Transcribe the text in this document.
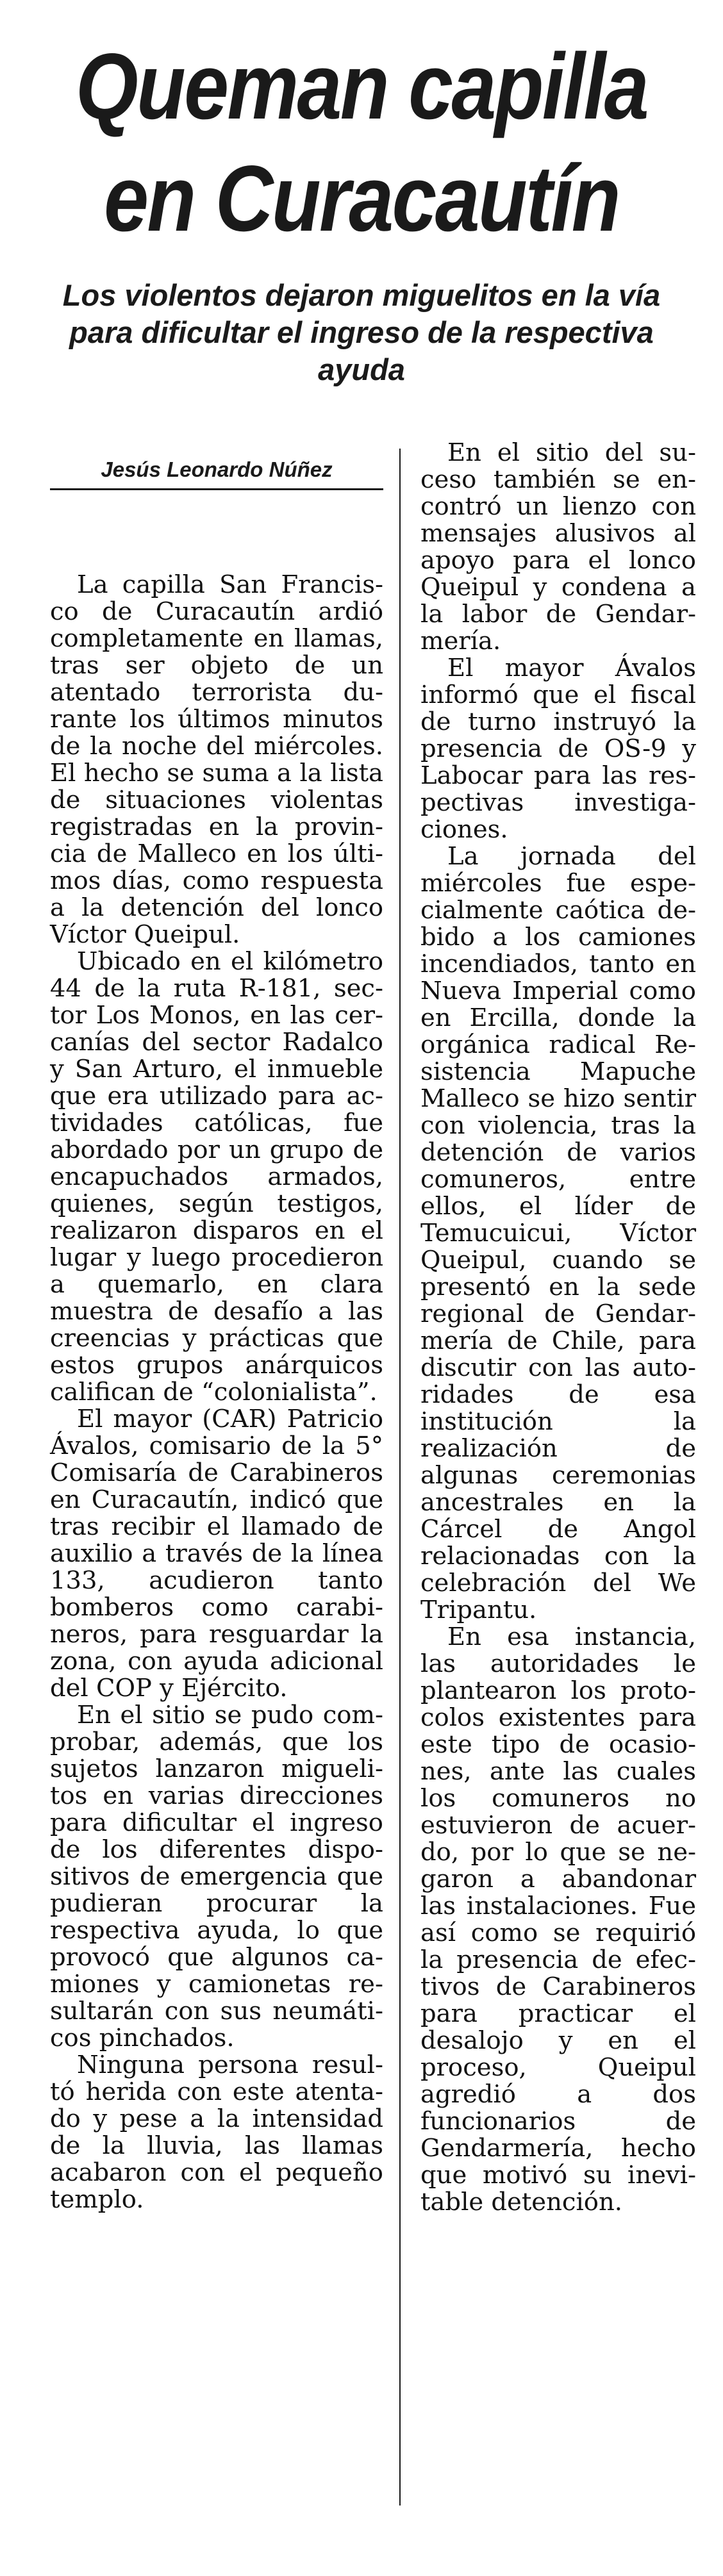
Queman capilla
en Curacautín

Los violentos dejaron miguelitos en la vía

para dificultar el ingreso de la respectiva

ayuda

Jesús Leonardo Núñez

La capilla San Francisco de Curacautín ardió completamente en llamas, tras ser objeto de un atentado terrorista durante los últimos minutos de la noche del miércoles. El hecho se suma a la lista de situaciones violentas registradas en la provincia de Malleco en los últimos días, como respuesta a la detención del lonco Víctor Queipul.

Ubicado en el kilómetro 44 de la ruta R-181, sector Los Monos, en las cercanías del sector Radalco y San Arturo, el inmueble que era utilizado para actividades católicas, fue abordado por un grupo de encapuchados armados, quienes, según testigos, realizaron disparos en el lugar y luego procedieron a quemarlo, en clara muestra de desafío a las creencias y prácticas que estos grupos anárquicos califican de “colonialista”.

El mayor (CAR) Patricio Ávalos, comisario de la 5° Comisaría de Carabineros en Curacautín, indicó que tras recibir el llamado de auxilio a través de la línea 133, acudieron tanto bomberos como carabineros, para resguardar la zona, con ayuda adicional del COP y Ejército.

En el sitio se pudo comprobar, además, que los sujetos lanzaron miguelitos en varias direcciones para dificultar el ingreso de los diferentes dispositivos de emergencia que pudieran procurar la respectiva ayuda, lo que provocó que algunos camiones y camionetas resultarán con sus neumáticos pinchados.

Ninguna persona resultó herida con este atentado y pese a la intensidad de la lluvia, las llamas acabaron con el pequeño templo.

En el sitio del suceso también se encontró un lienzo con mensajes alusivos al apoyo para el lonco Queipul y condena a la labor de Gendarmería.

El mayor Ávalos informó que el fiscal de turno instruyó la presencia de OS-9 y Labocar para las respectivas investigaciones.

La jornada del miércoles fue especialmente caótica debido a los camiones incendiados, tanto en Nueva Imperial como en Ercilla, donde la orgánica radical Resistencia Mapuche Malleco se hizo sentir con violencia, tras la detención de varios comuneros, entre ellos, el líder de Temucuicui, Víctor Queipul, cuando se presentó en la sede regional de Gendarmería de Chile, para discutir con las autoridades de esa institución la realización de algunas ceremonias ancestrales en la Cárcel de Angol relacionadas con la celebración del We Tripantu.

En esa instancia, las autoridades le plantearon los protocolos existentes para este tipo de ocasiones, ante las cuales los comuneros no estuvieron de acuerdo, por lo que se negaron a abandonar las instalaciones. Fue así como se requirió la presencia de efectivos de Carabineros para practicar el desalojo y en el proceso, Queipul agredió a dos funcionarios de Gendarmería, hecho que motivó su inevitable detención.
